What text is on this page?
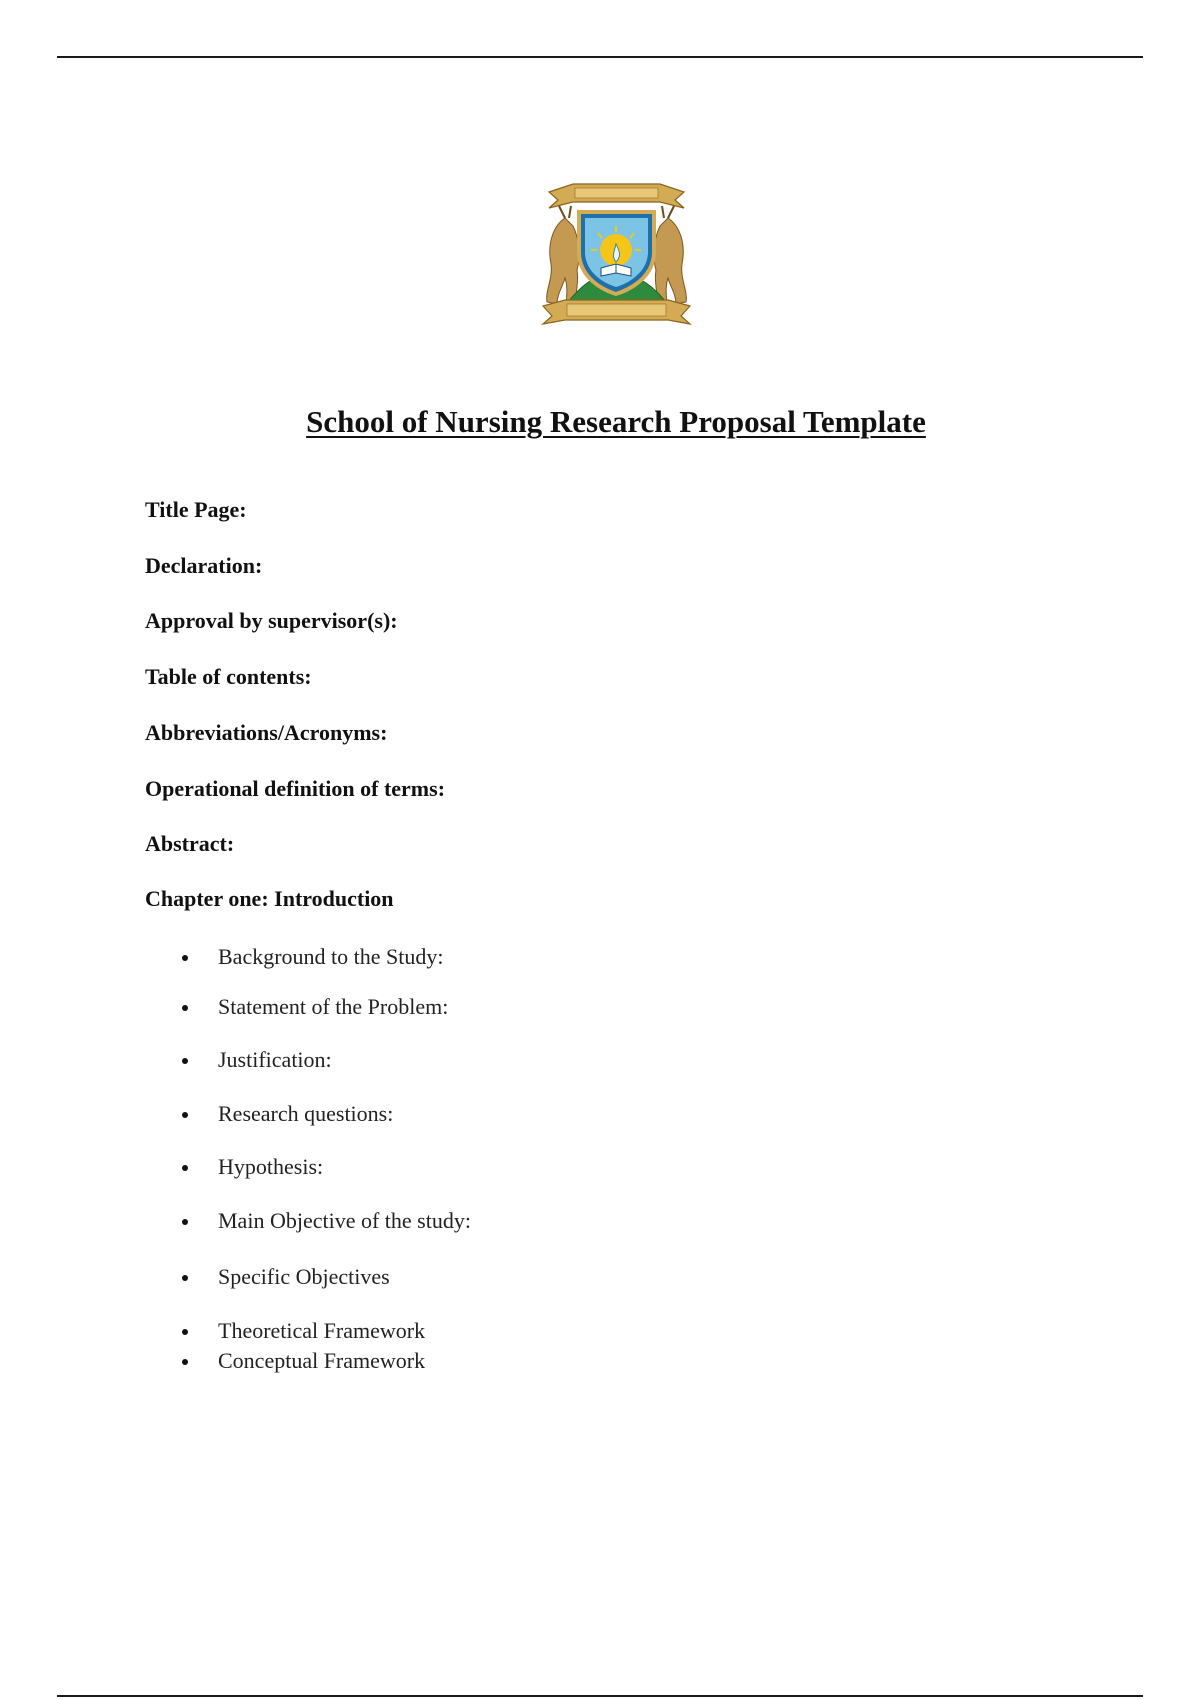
School of Nursing Research Proposal Template

Title Page:

Declaration:

Approval by supervisor(s):

Table of contents:

Abbreviations/Acronyms:

Operational definition of terms:

Abstract:

Chapter one: Introduction

Background to the Study:
Statement of the Problem:
Justification:
Research questions:
Hypothesis:
Main Objective of the study:
Specific Objectives
Theoretical Framework
Conceptual Framework
